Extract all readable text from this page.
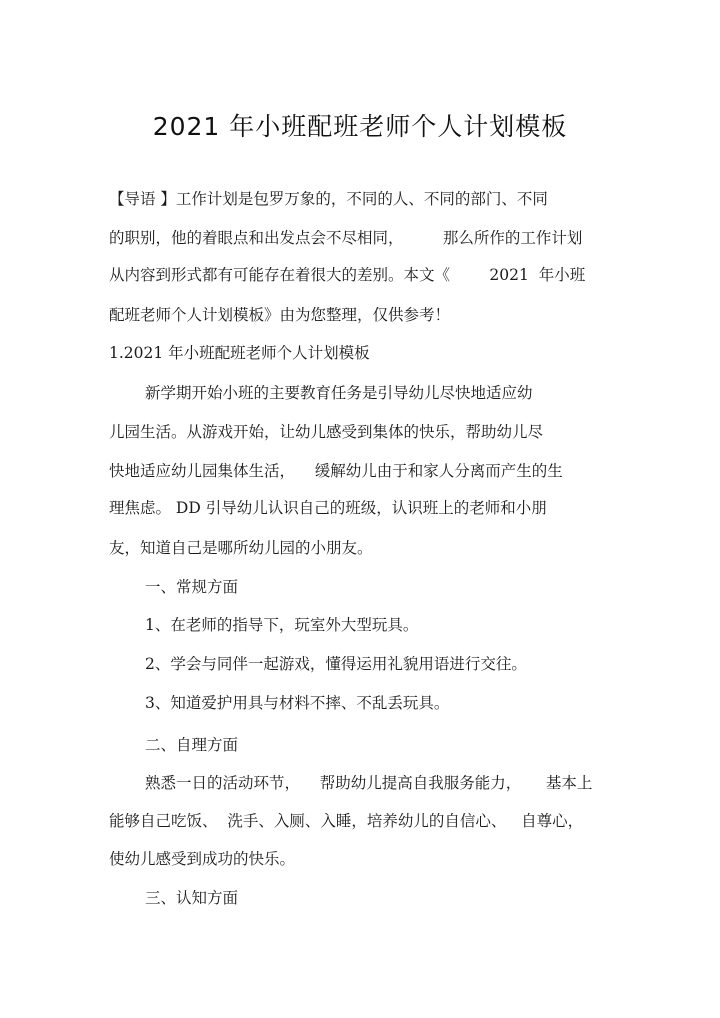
2021 年小班配班老师个人计划模板
【导语 】工作计划是包罗万象的，不同的人、不同的部门、不同
的职别，他的着眼点和出发点会不尽相同，        那么所作的工作计划
从内容到形式都有可能存在着很大的差别。本文《        2021  年小班
配班老师个人计划模板》由为您整理，仅供参考！
1.2021 年小班配班老师个人计划模板
新学期开始小班的主要教育任务是引导幼儿尽快地适应幼
儿园生活。从游戏开始，让幼儿感受到集体的快乐，帮助幼儿尽
快地适应幼儿园集体生活，    缓解幼儿由于和家人分离而产生的生
理焦虑。 DD 引导幼儿认识自己的班级，认识班上的老师和小朋
友，知道自己是哪所幼儿园的小朋友。
一、常规方面
1、在老师的指导下，玩室外大型玩具。
2、学会与同伴一起游戏，懂得运用礼貌用语进行交往。
3、知道爱护用具与材料不摔、不乱丢玩具。
二、自理方面
熟悉一日的活动环节，    帮助幼儿提高自我服务能力，     基本上
能够自己吃饭、  洗手、入厕、入睡，培养幼儿的自信心、   自尊心，
使幼儿感受到成功的快乐。
三、认知方面
